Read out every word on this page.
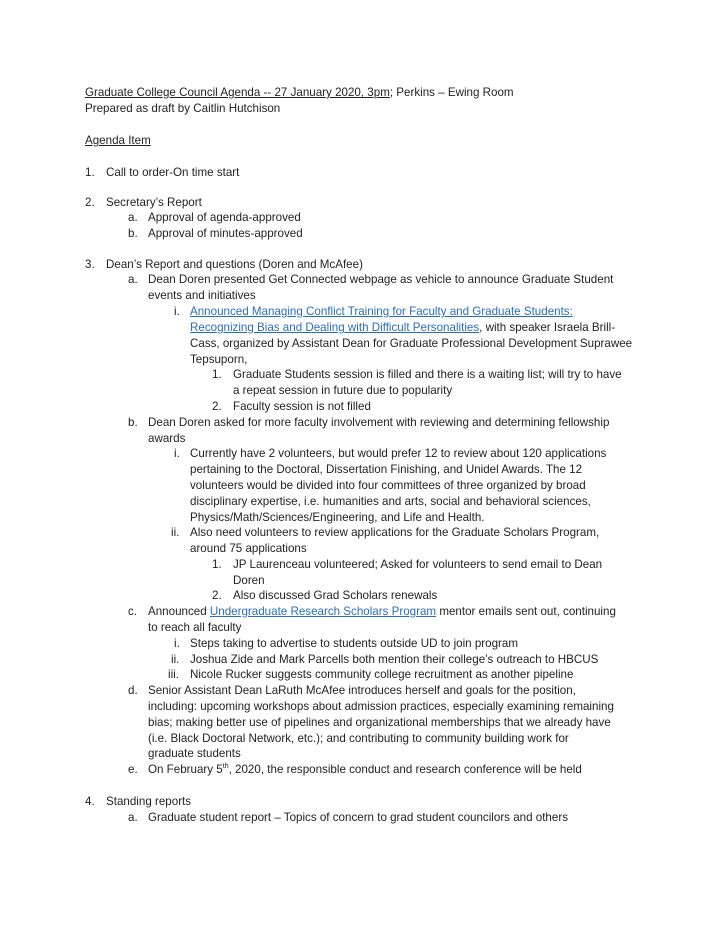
Graduate College Council Agenda -- 27 January 2020, 3pm; Perkins – Ewing Room
Prepared as draft by Caitlin Hutchison
Agenda Item
1. Call to order-On time start
2. Secretary’s Report
a. Approval of agenda-approved
b. Approval of minutes-approved
3. Dean’s Report and questions (Doren and McAfee)
a. Dean Doren presented Get Connected webpage as vehicle to announce Graduate Student
events and initiatives
i. Announced Managing Conflict Training for Faculty and Graduate Students:
Recognizing Bias and Dealing with Difficult Personalities, with speaker Israela Brill-
Cass, organized by Assistant Dean for Graduate Professional Development Suprawee
Tepsuporn,
1. Graduate Students session is filled and there is a waiting list; will try to have
a repeat session in future due to popularity
2. Faculty session is not filled
b. Dean Doren asked for more faculty involvement with reviewing and determining fellowship
awards
i. Currently have 2 volunteers, but would prefer 12 to review about 120 applications
pertaining to the Doctoral, Dissertation Finishing, and Unidel Awards. The 12
volunteers would be divided into four committees of three organized by broad
disciplinary expertise, i.e. humanities and arts, social and behavioral sciences,
Physics/Math/Sciences/Engineering, and Life and Health.
ii. Also need volunteers to review applications for the Graduate Scholars Program,
around 75 applications
1. JP Laurenceau volunteered; Asked for volunteers to send email to Dean
Doren
2. Also discussed Grad Scholars renewals
c. Announced Undergraduate Research Scholars Program mentor emails sent out, continuing
to reach all faculty
i. Steps taking to advertise to students outside UD to join program
ii. Joshua Zide and Mark Parcells both mention their college’s outreach to HBCUS
iii. Nicole Rucker suggests community college recruitment as another pipeline
d. Senior Assistant Dean LaRuth McAfee introduces herself and goals for the position,
including: upcoming workshops about admission practices, especially examining remaining
bias; making better use of pipelines and organizational memberships that we already have
(i.e. Black Doctoral Network, etc.); and contributing to community building work for
graduate students
e. On February 5th, 2020, the responsible conduct and research conference will be held
4. Standing reports
a. Graduate student report – Topics of concern to grad student councilors and others
